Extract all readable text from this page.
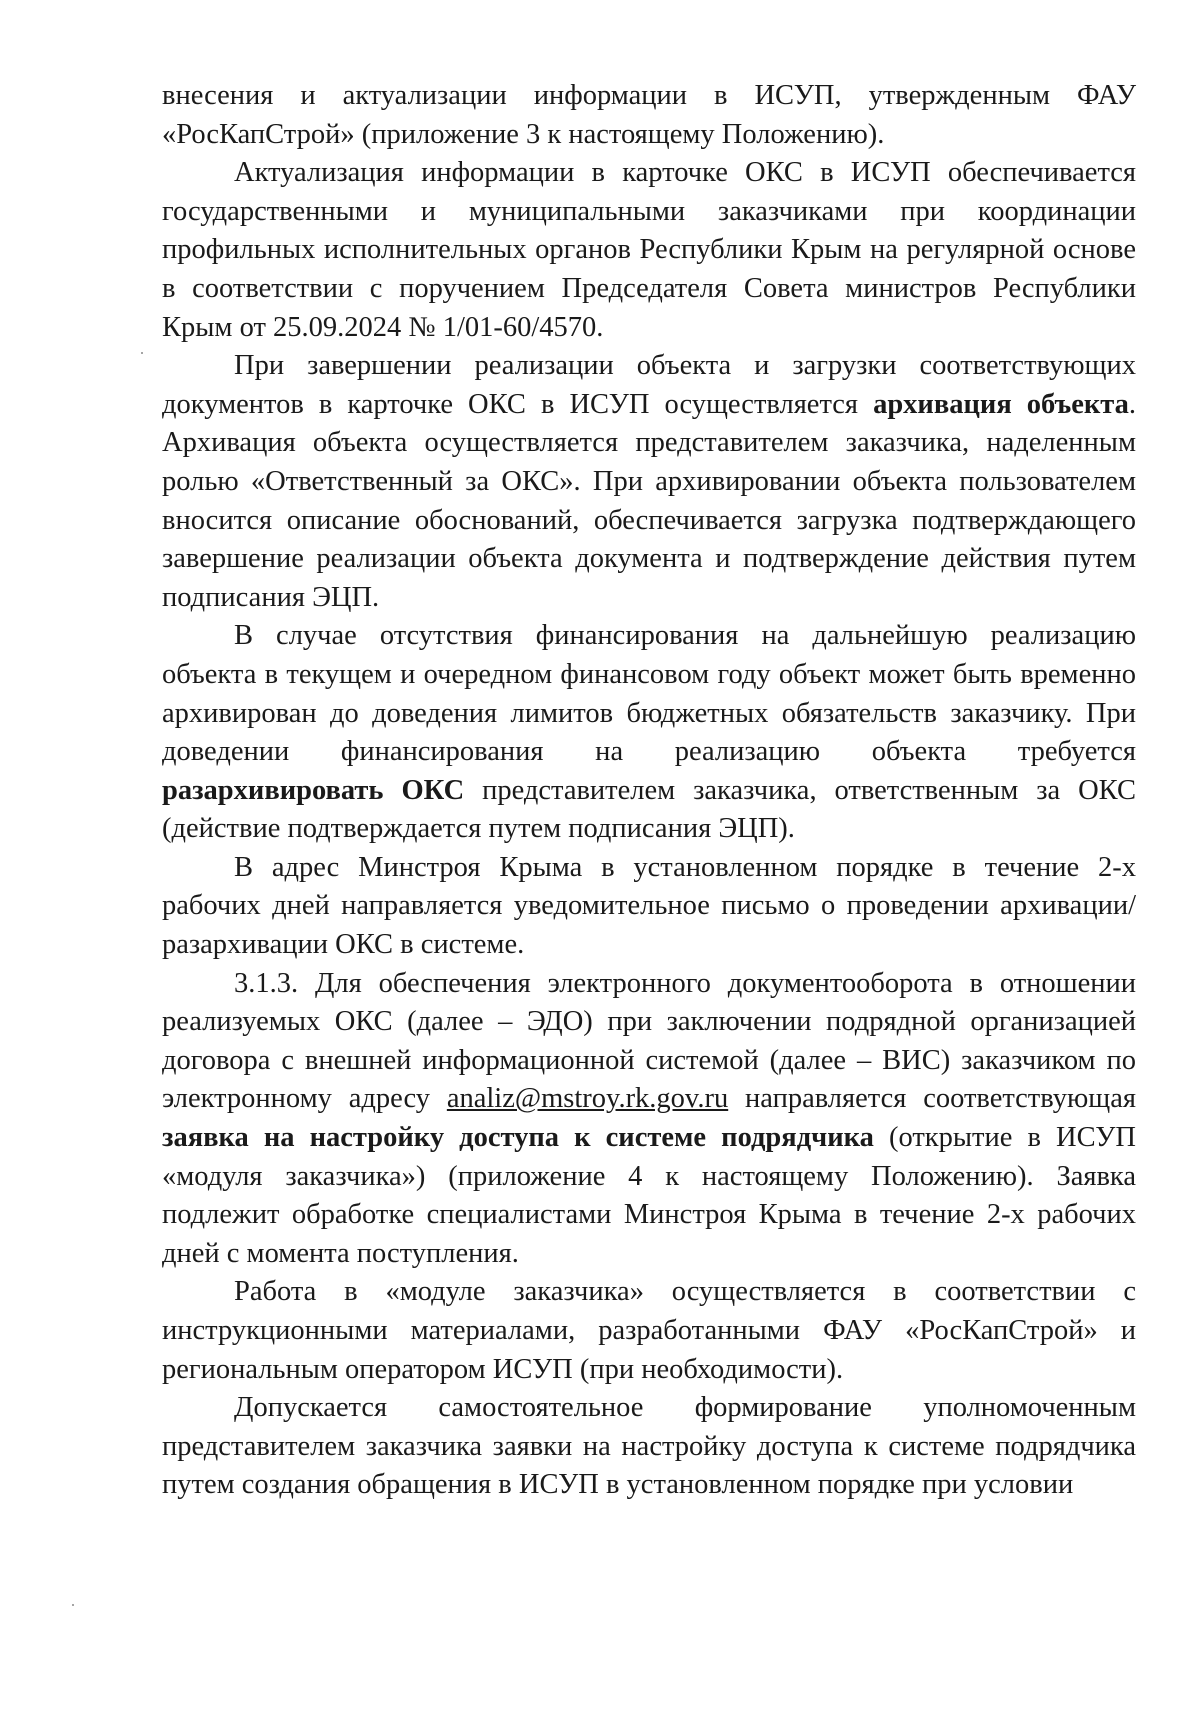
внесения и актуализации информации в ИСУП, утвержденным ФАУ «РосКапСтрой» (приложение 3 к настоящему Положению).

Актуализация информации в карточке ОКС в ИСУП обеспечивается государственными и муниципальными заказчиками при координации профильных исполнительных органов Республики Крым на регулярной основе в соответствии с поручением Председателя Совета министров Республики Крым от 25.09.2024 № 1/01-60/4570.

При завершении реализации объекта и загрузки соответствующих документов в карточке ОКС в ИСУП осуществляется архивация объекта. Архивация объекта осуществляется представителем заказчика, наделенным ролью «Ответственный за ОКС». При архивировании объекта пользователем вносится описание обоснований, обеспечивается загрузка подтверждающего завершение реализации объекта документа и подтверждение действия путем подписания ЭЦП.

В случае отсутствия финансирования на дальнейшую реализацию объекта в текущем и очередном финансовом году объект может быть временно архивирован до доведения лимитов бюджетных обязательств заказчику. При доведении финансирования на реализацию объекта требуется разархивировать ОКС представителем заказчика, ответственным за ОКС (действие подтверждается путем подписания ЭЦП).

В адрес Минстроя Крыма в установленном порядке в течение 2-х рабочих дней направляется уведомительное письмо о проведении архивации/разархивации ОКС в системе.

3.1.3. Для обеспечения электронного документооборота в отношении реализуемых ОКС (далее – ЭДО) при заключении подрядной организацией договора с внешней информационной системой (далее – ВИС) заказчиком по электронному адресу analiz@mstroy.rk.gov.ru направляется соответствующая заявка на настройку доступа к системе подрядчика (открытие в ИСУП «модуля заказчика») (приложение 4 к настоящему Положению). Заявка подлежит обработке специалистами Минстроя Крыма в течение 2-х рабочих дней с момента поступления.

Работа в «модуле заказчика» осуществляется в соответствии с инструкционными материалами, разработанными ФАУ «РосКапСтрой» и региональным оператором ИСУП (при необходимости).

Допускается самостоятельное формирование уполномоченным представителем заказчика заявки на настройку доступа к системе подрядчика путем создания обращения в ИСУП в установленном порядке при условии
